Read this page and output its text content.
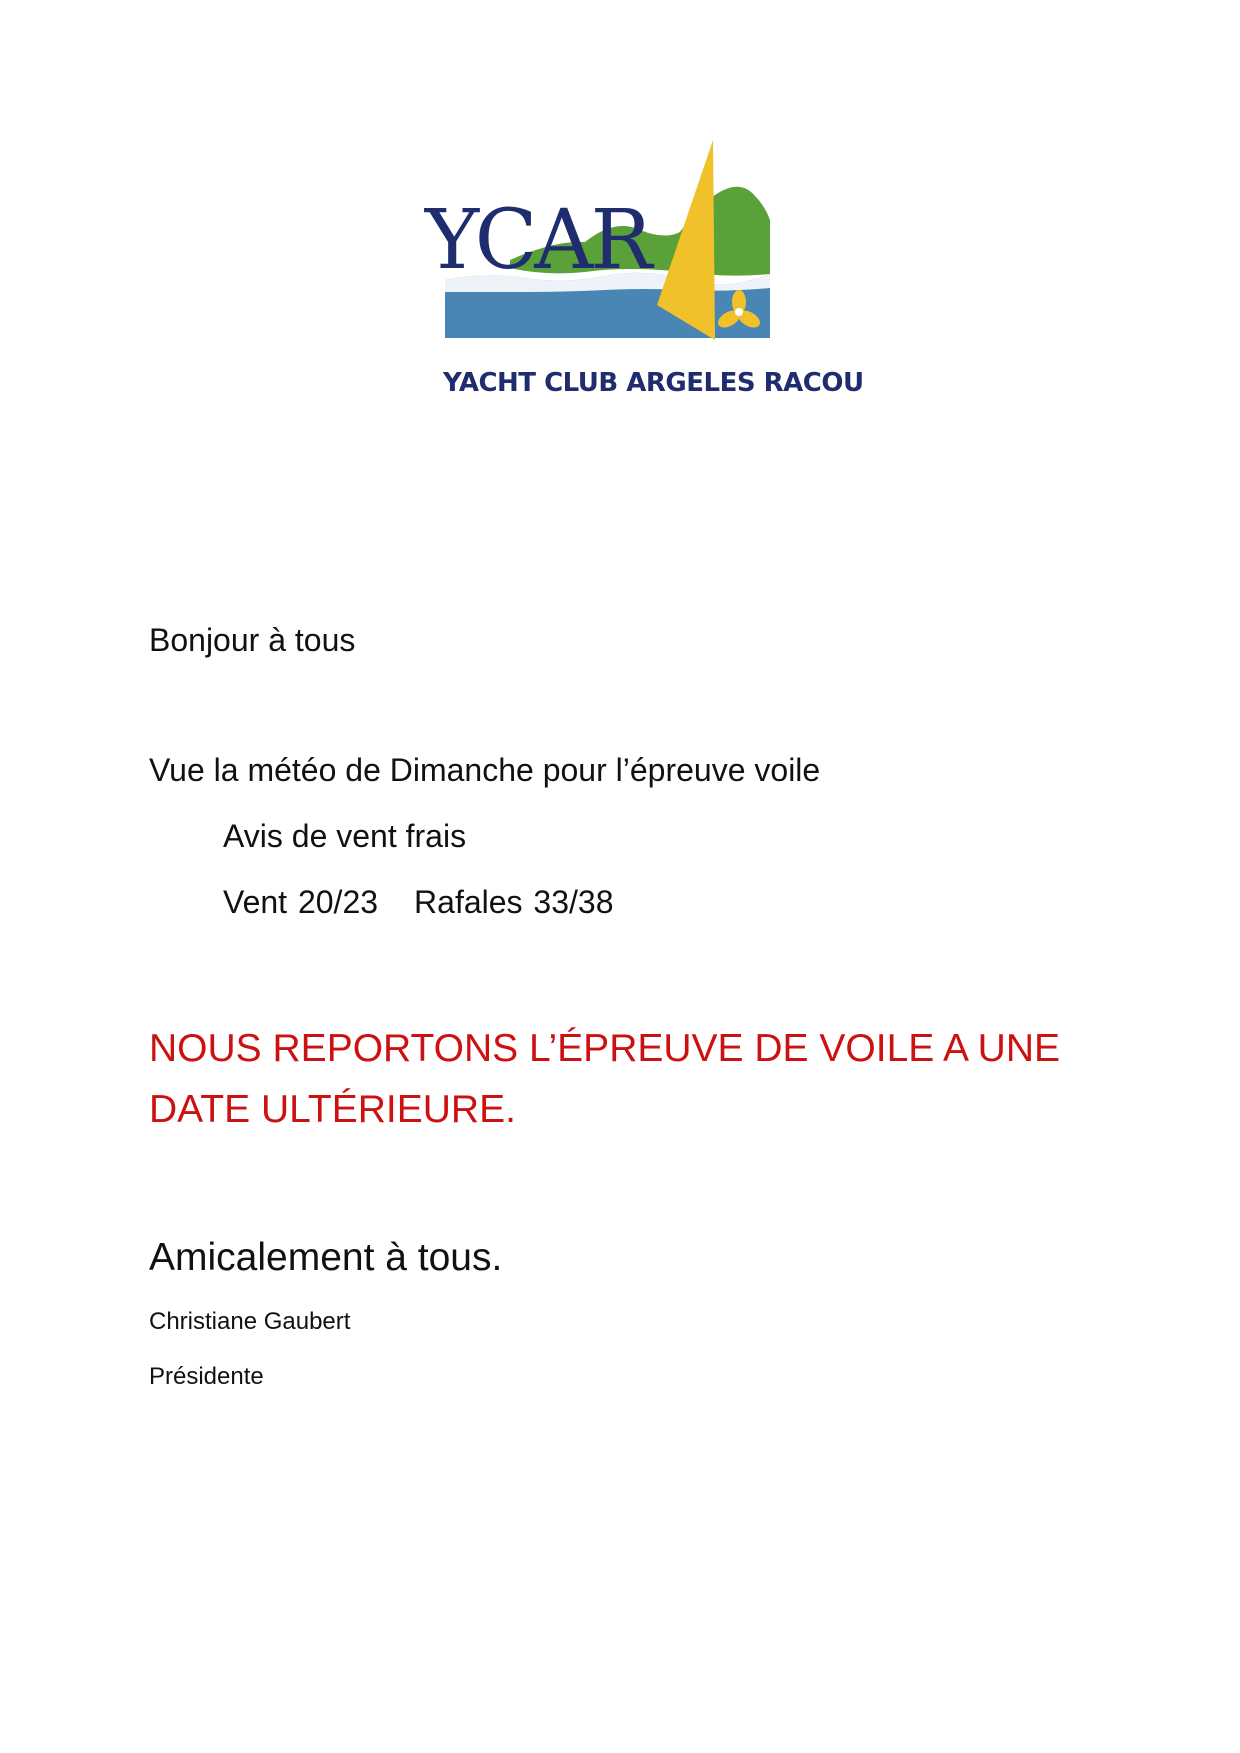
YCAR
YACHT CLUB ARGELES RACOU
Bonjour à tous
Vue la météo de Dimanche pour l’épreuve voile
Avis de vent frais
Vent 20/23 Rafales 33/38
NOUS REPORTONS L’ÉPREUVE DE VOILE A UNE DATE ULTÉRIEURE.
Amicalement à tous.
Christiane Gaubert
Présidente
